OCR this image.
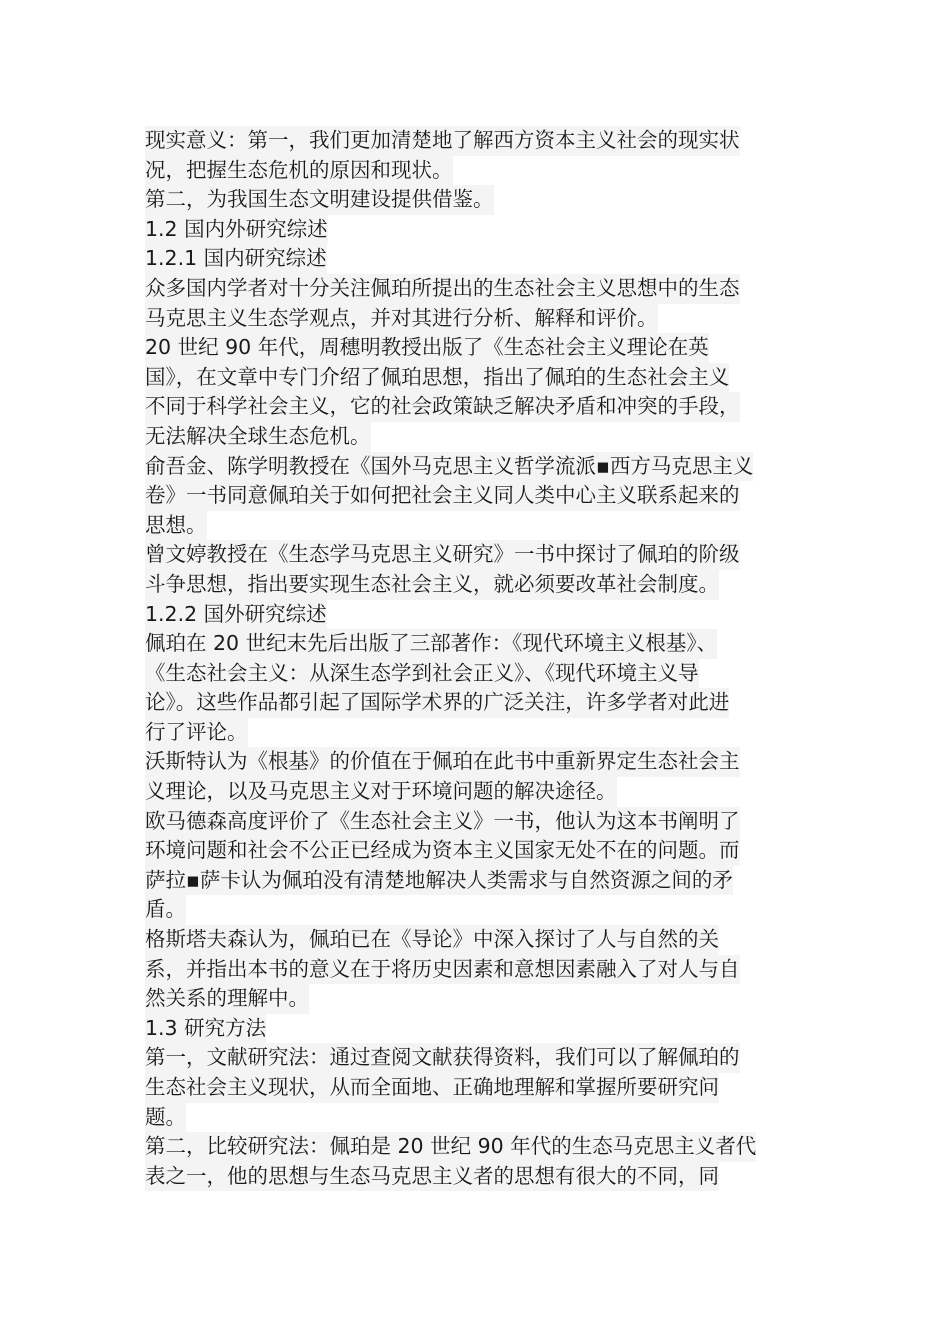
现实意义：第一，我们更加清楚地了解西方资本主义社会的现实状
况，把握生态危机的原因和现状。
第二，为我国生态文明建设提供借鉴。
1.2 国内外研究综述
1.2.1 国内研究综述
众多国内学者对十分关注佩珀所提出的生态社会主义思想中的生态
马克思主义生态学观点，并对其进行分析、解释和评价。
20 世纪 90 年代，周穗明教授出版了《生态社会主义理论在英
国》，在文章中专门介绍了佩珀思想，指出了佩珀的生态社会主义
不同于科学社会主义，它的社会政策缺乏解决矛盾和冲突的手段，
无法解决全球生态危机。
俞吾金、陈学明教授在《国外马克思主义哲学流派▪西方马克思主义
卷》一书同意佩珀关于如何把社会主义同人类中心主义联系起来的
思想。
曾文婷教授在《生态学马克思主义研究》一书中探讨了佩珀的阶级
斗争思想，指出要实现生态社会主义，就必须要改革社会制度。
1.2.2 国外研究综述
佩珀在 20 世纪末先后出版了三部著作：《现代环境主义根基》、
《生态社会主义：从深生态学到社会正义》、《现代环境主义导
论》。这些作品都引起了国际学术界的广泛关注，许多学者对此进
行了评论。
沃斯特认为《根基》的价值在于佩珀在此书中重新界定生态社会主
义理论，以及马克思主义对于环境问题的解决途径。
欧马德森高度评价了《生态社会主义》一书，他认为这本书阐明了
环境问题和社会不公正已经成为资本主义国家无处不在的问题。而
萨拉▪萨卡认为佩珀没有清楚地解决人类需求与自然资源之间的矛
盾。
格斯塔夫森认为，佩珀已在《导论》中深入探讨了人与自然的关
系，并指出本书的意义在于将历史因素和意想因素融入了对人与自
然关系的理解中。
1.3 研究方法
第一，文献研究法：通过查阅文献获得资料，我们可以了解佩珀的
生态社会主义现状，从而全面地、正确地理解和掌握所要研究问
题。
第二，比较研究法：佩珀是 20 世纪 90 年代的生态马克思主义者代
表之一，他的思想与生态马克思主义者的思想有很大的不同，同
